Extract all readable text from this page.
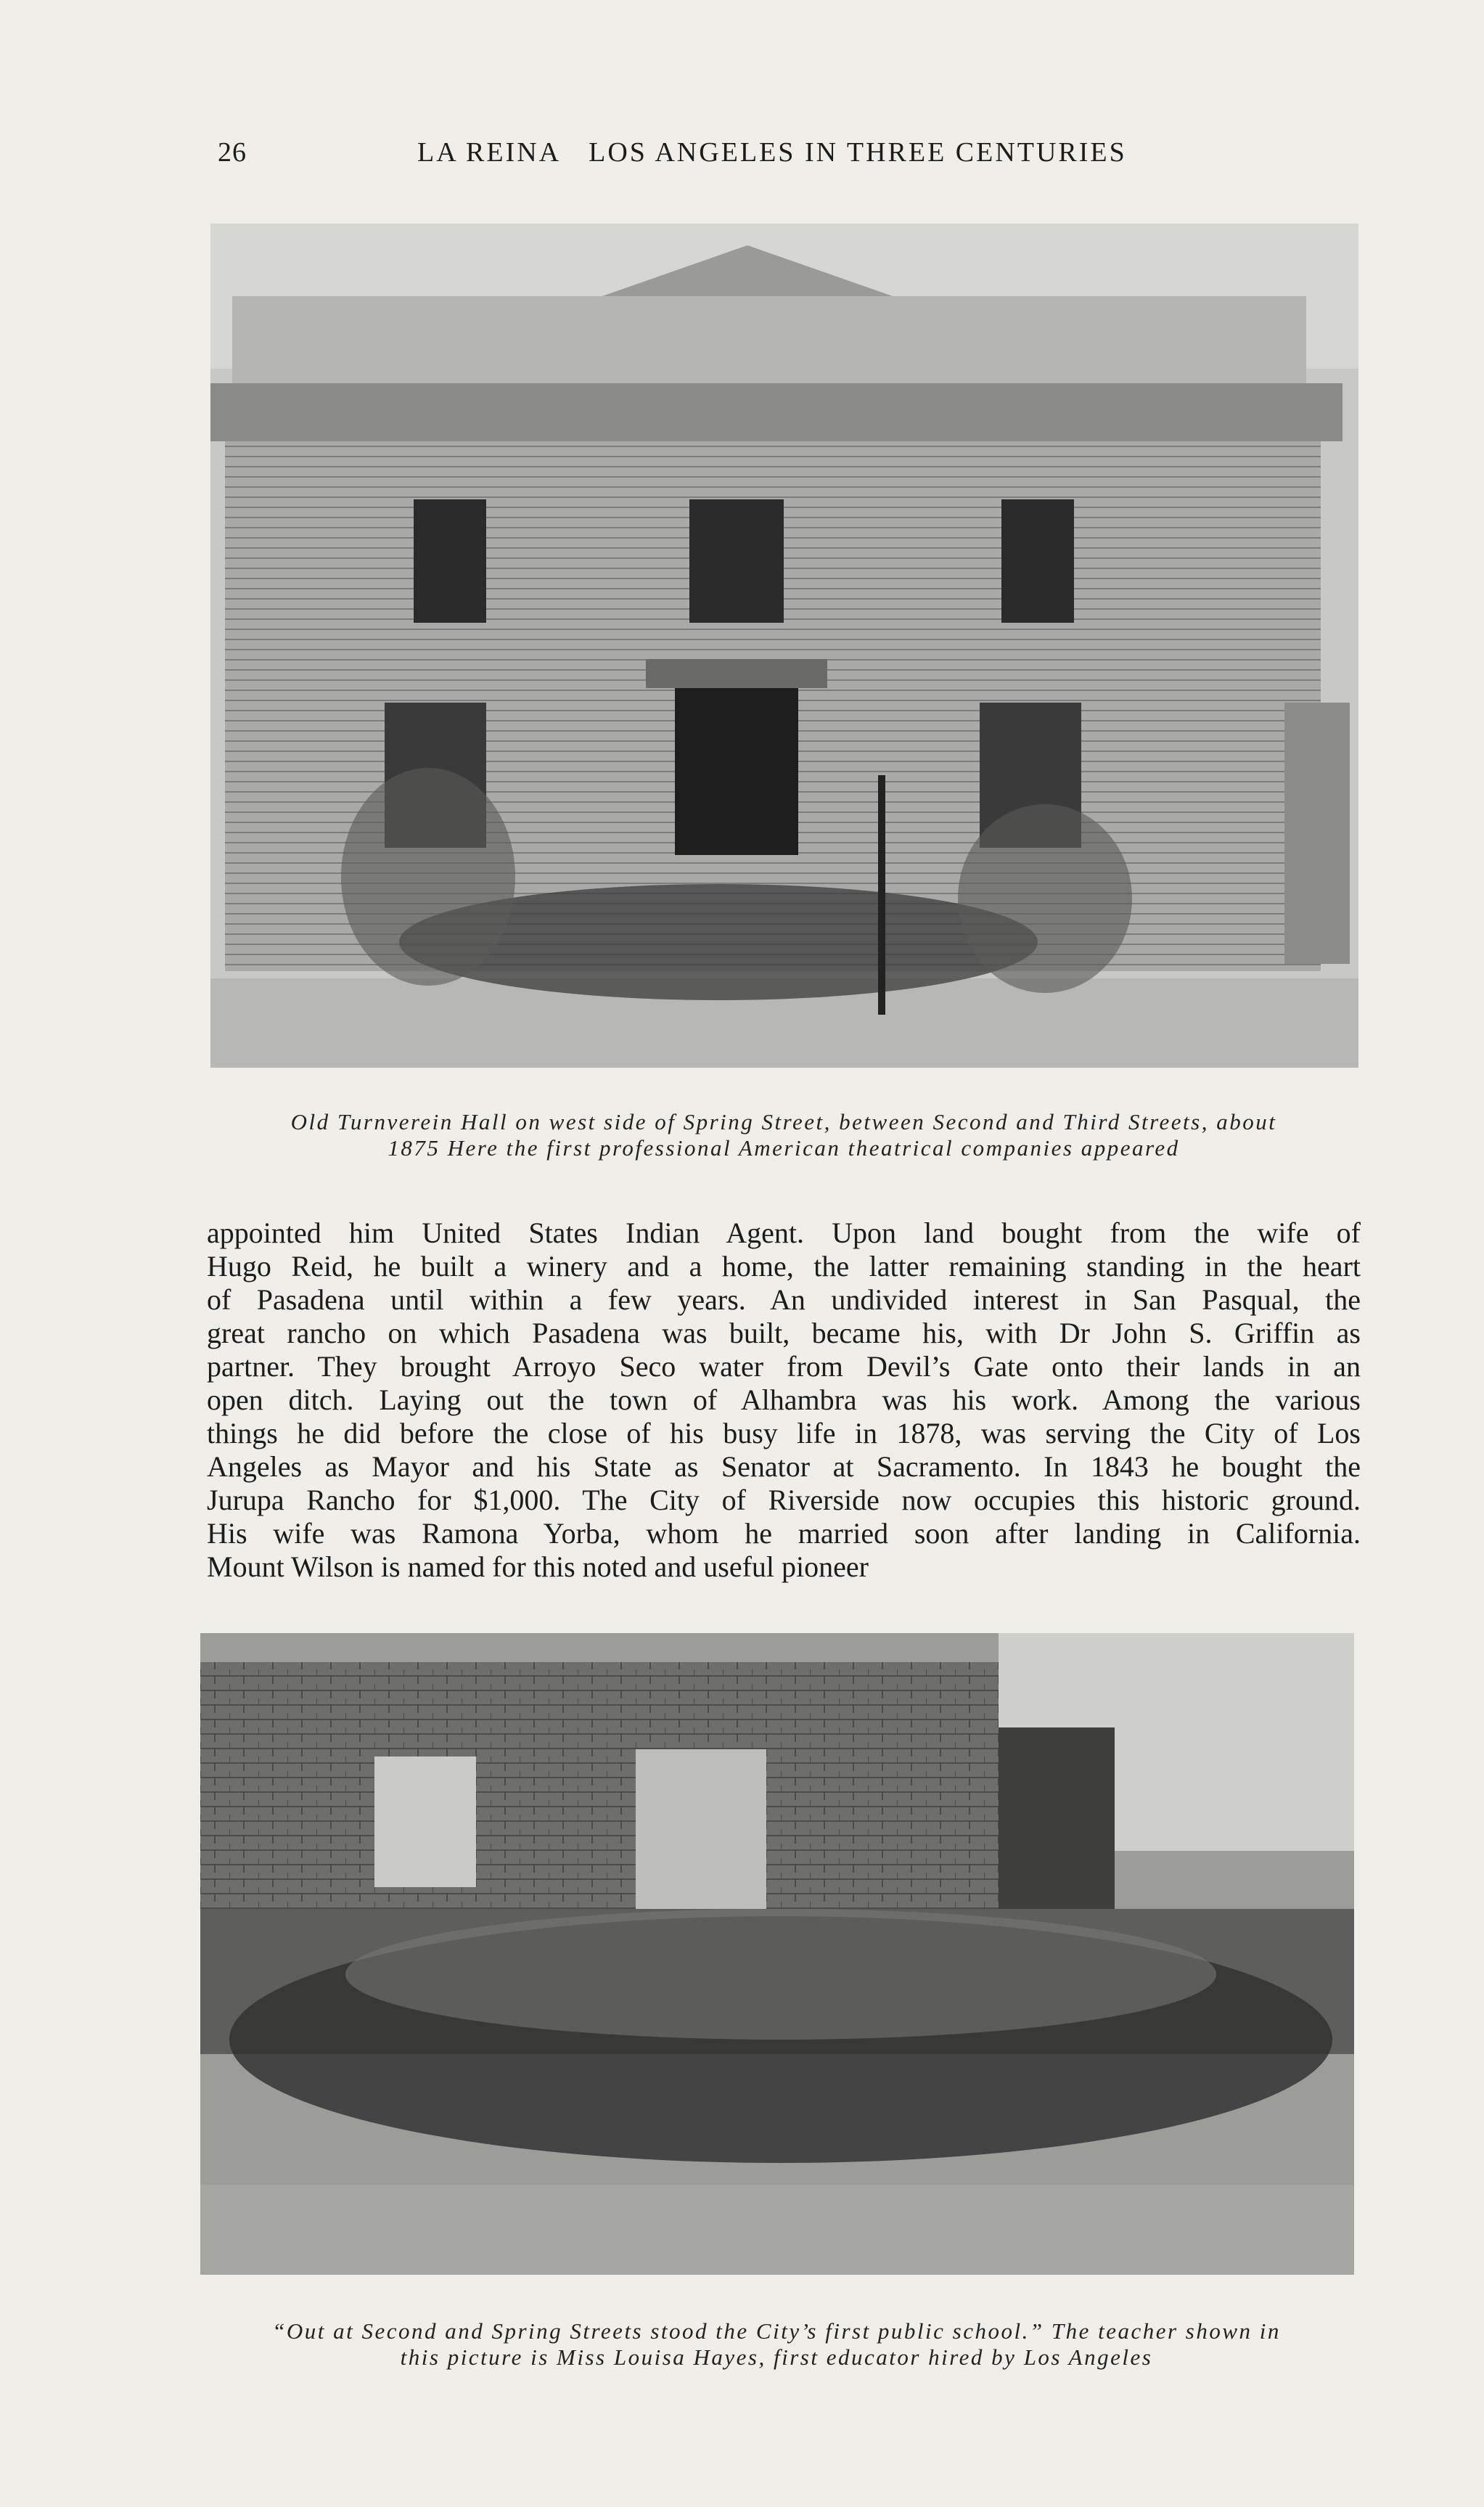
26	LA REINA LOS ANGELES IN THREE CENTURIES
Old Turnverein Hall on west side of Spring Street, between Second and Third Streets, about
1875 Here the first professional American theatrical companies appeared
appointed him United States Indian Agent. Upon land bought from the wife of
Hugo Reid, he built a winery and a home, the latter remaining standing in the heart
of Pasadena until within a few years. An undivided interest in San Pasqual, the
great rancho on which Pasadena was built, became his, with Dr John S. Griffin as
partner. They brought Arroyo Seco water from Devil’s Gate onto their lands in an
open ditch. Laying out the town of Alhambra was his work. Among the various
things he did before the close of his busy life in 1878, was serving the City of Los
Angeles as Mayor and his State as Senator at Sacramento. In 1843 he bought the
Jurupa Rancho for $1,000. The City of Riverside now occupies this historic ground.
His wife was Ramona Yorba, whom he married soon after landing in California.
Mount Wilson is named for this noted and useful pioneer
“Out at Second and Spring Streets stood the City’s first public school.” The teacher shown in
this picture is Miss Louisa Hayes, first educator hired by Los Angeles
